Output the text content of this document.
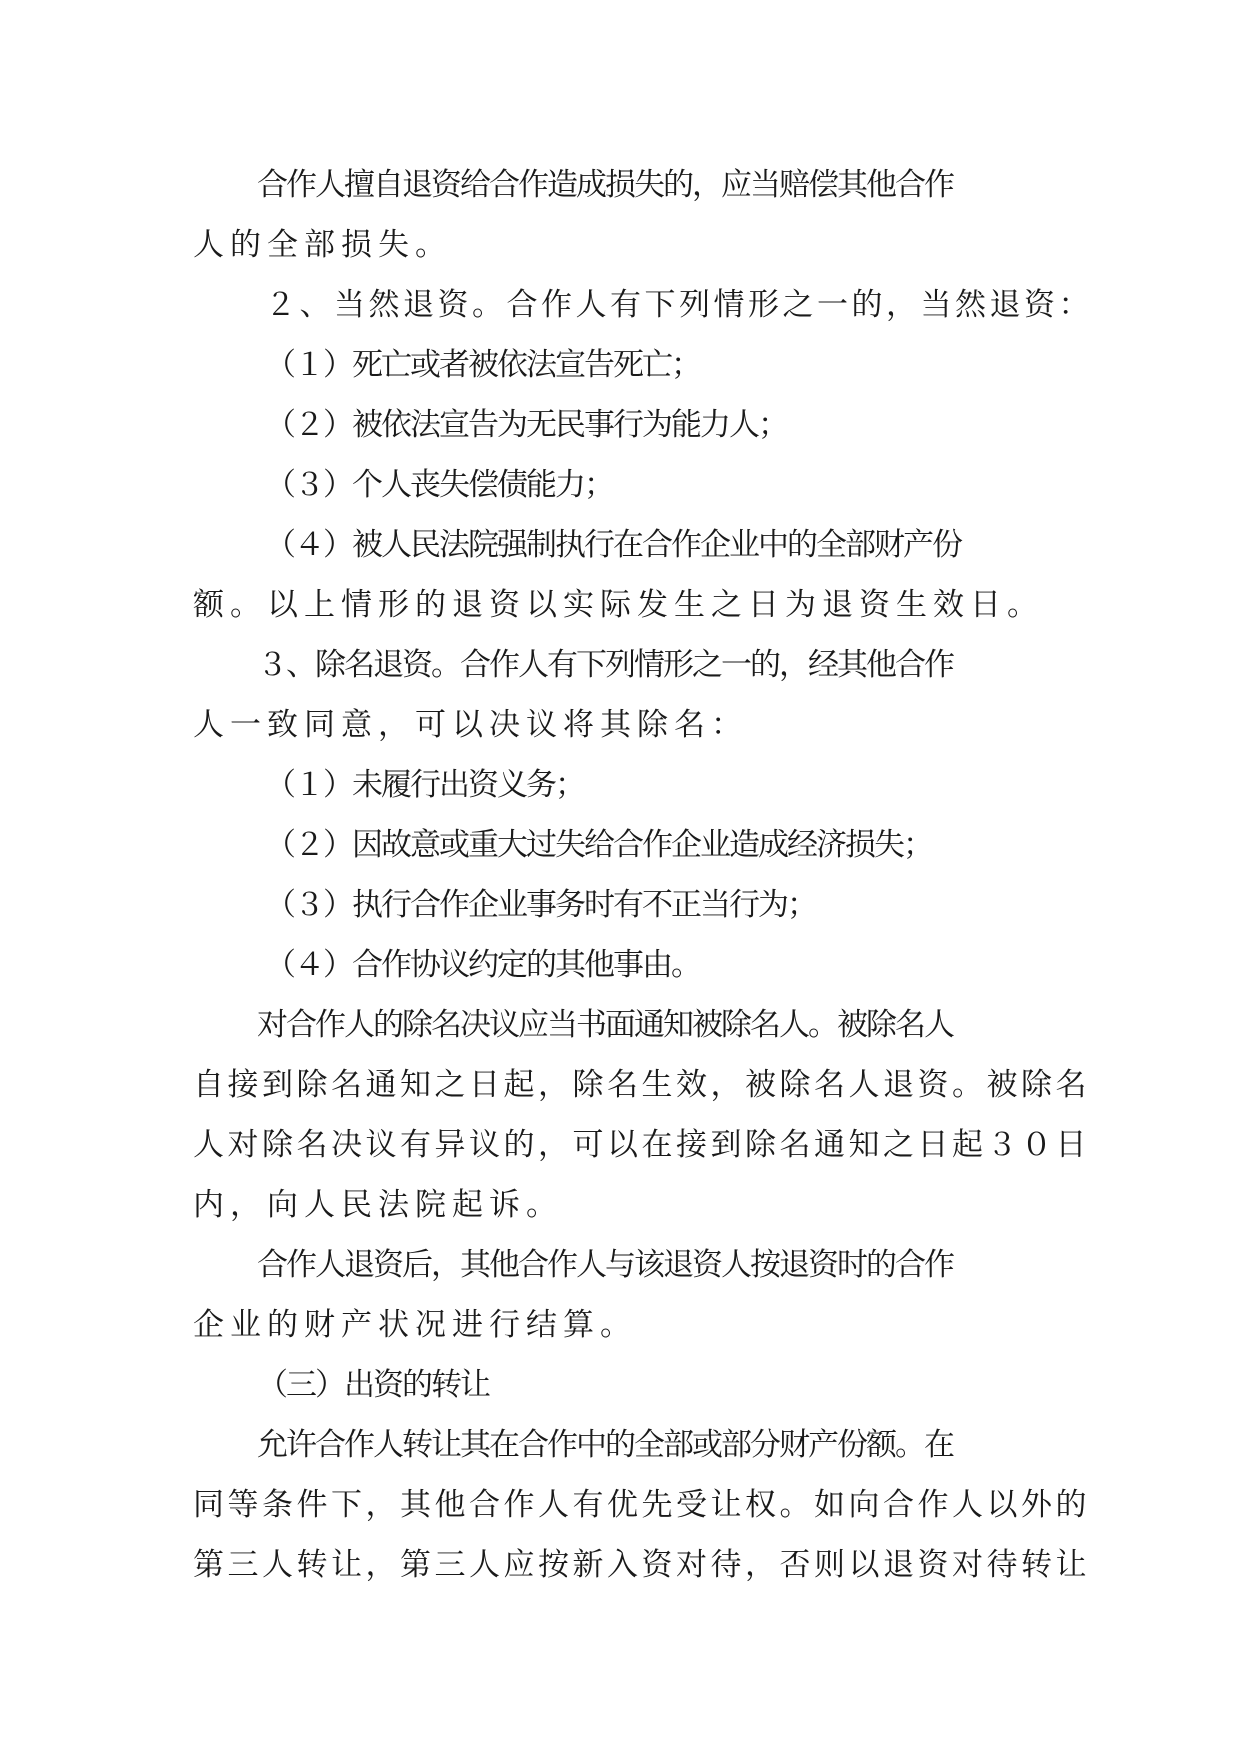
合作人擅自退资给合作造成损失的，应当赔偿其他合作

人的全部损失。

２、当然退资。合作人有下列情形之一的，当然退资：

（１）死亡或者被依法宣告死亡；

（２）被依法宣告为无民事行为能力人；

（３）个人丧失偿债能力；

（４）被人民法院强制执行在合作企业中的全部财产份

额。以上情形的退资以实际发生之日为退资生效日。

３、除名退资。合作人有下列情形之一的，经其他合作

人一致同意，可以决议将其除名：

（１）未履行出资义务；

（２）因故意或重大过失给合作企业造成经济损失；

（３）执行合作企业事务时有不正当行为；

（４）合作协议约定的其他事由。

对合作人的除名决议应当书面通知被除名人。被除名人

自接到除名通知之日起，除名生效，被除名人退资。被除名

人对除名决议有异议的，可以在接到除名通知之日起３０日

内，向人民法院起诉。

合作人退资后，其他合作人与该退资人按退资时的合作

企业的财产状况进行结算。

（三）出资的转让

允许合作人转让其在合作中的全部或部分财产份额。在

同等条件下，其他合作人有优先受让权。如向合作人以外的

第三人转让，第三人应按新入资对待，否则以退资对待转让
